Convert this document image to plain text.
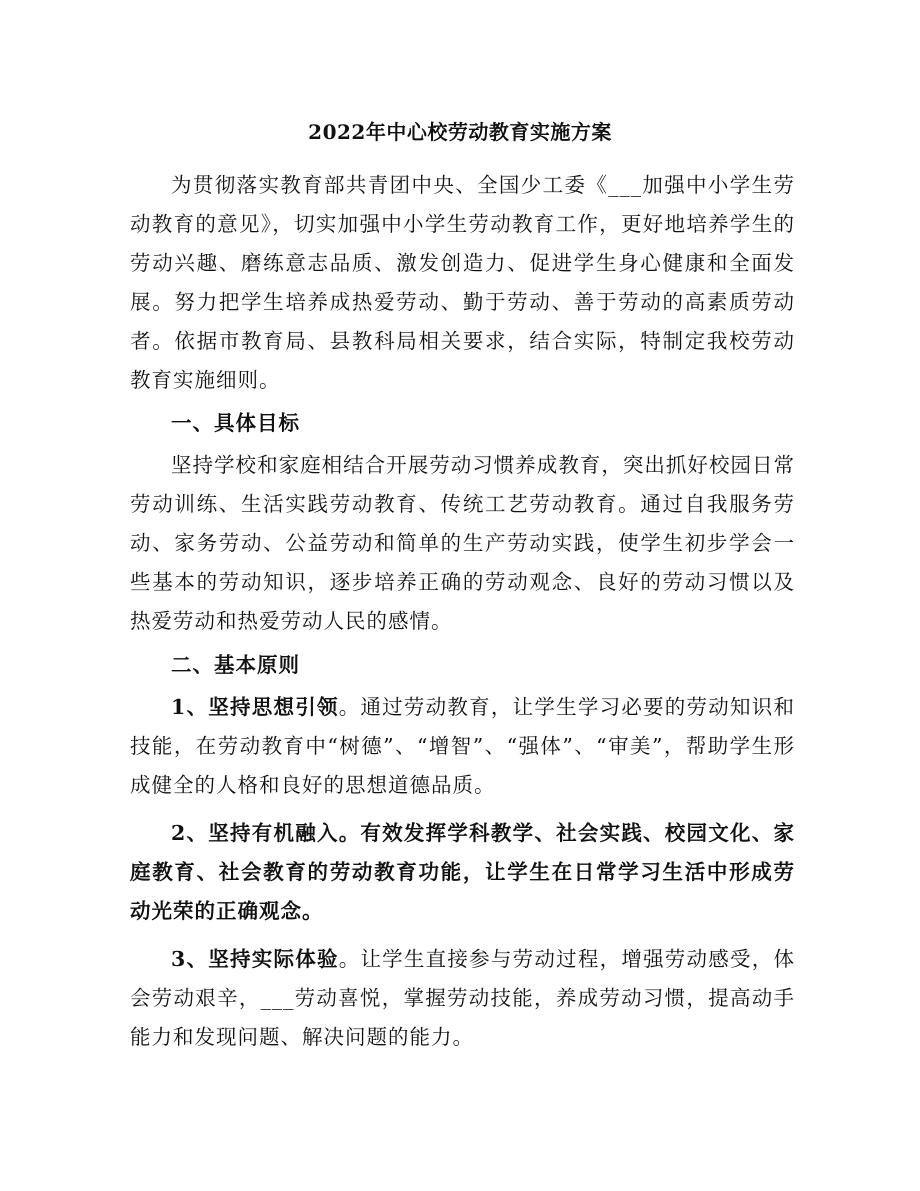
2022年中心校劳动教育实施方案

为贯彻落实教育部共青团中央、全国少工委《___加强中小学生劳动教育的意见》，切实加强中小学生劳动教育工作，更好地培养学生的劳动兴趣、磨练意志品质、激发创造力、促进学生身心健康和全面发展。努力把学生培养成热爱劳动、勤于劳动、善于劳动的高素质劳动者。依据市教育局、县教科局相关要求，结合实际，特制定我校劳动教育实施细则。

一、具体目标

坚持学校和家庭相结合开展劳动习惯养成教育，突出抓好校园日常劳动训练、生活实践劳动教育、传统工艺劳动教育。通过自我服务劳动、家务劳动、公益劳动和简单的生产劳动实践，使学生初步学会一些基本的劳动知识，逐步培养正确的劳动观念、良好的劳动习惯以及热爱劳动和热爱劳动人民的感情。

二、基本原则

1、坚持思想引领。通过劳动教育，让学生学习必要的劳动知识和技能，在劳动教育中“树德”、“增智”、“强体”、“审美”，帮助学生形成健全的人格和良好的思想道德品质。

2、坚持有机融入。有效发挥学科教学、社会实践、校园文化、家庭教育、社会教育的劳动教育功能，让学生在日常学习生活中形成劳动光荣的正确观念。

3、坚持实际体验。让学生直接参与劳动过程，增强劳动感受，体会劳动艰辛，___劳动喜悦，掌握劳动技能，养成劳动习惯，提高动手能力和发现问题、解决问题的能力。
